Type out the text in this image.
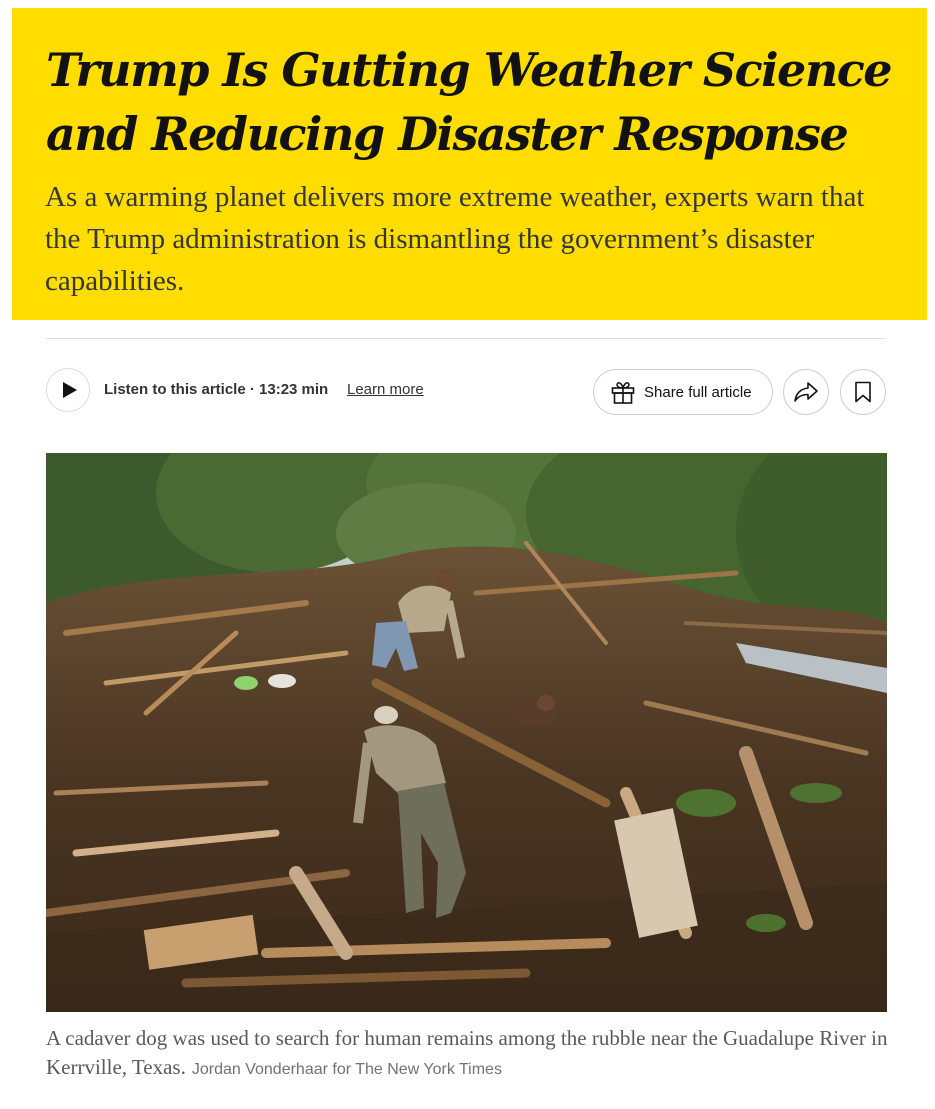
Trump Is Gutting Weather Science and Reducing Disaster Response

As a warming planet delivers more extreme weather, experts warn that the Trump administration is dismantling the government’s disaster capabilities.

Listen to this article · 13:23 min Learn more	Share full article

A cadaver dog was used to search for human remains among the rubble near the Guadalupe River in Kerrville, Texas. Jordan Vonderhaar for The New York Times
